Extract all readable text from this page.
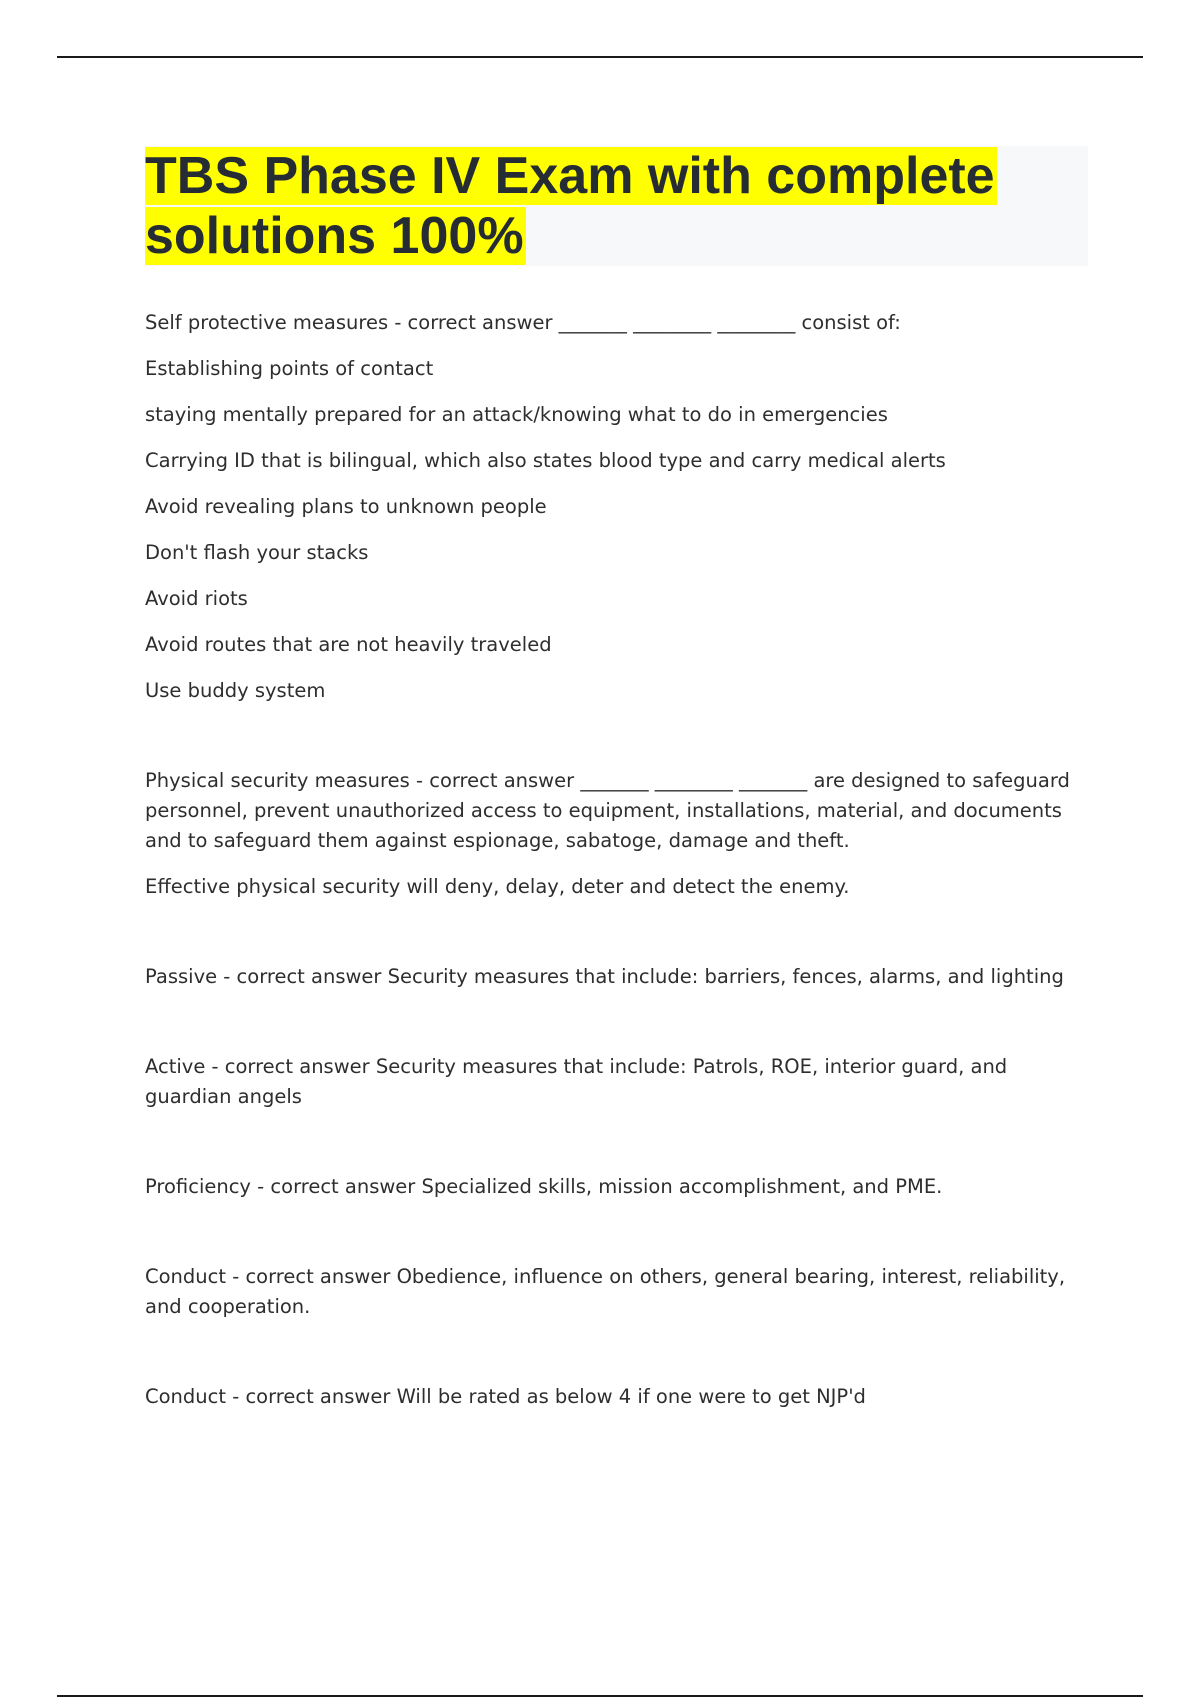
TBS Phase IV Exam with complete solutions 100%

Self protective measures - correct answer _______ ________ ________ consist of:

Establishing points of contact

staying mentally prepared for an attack/knowing what to do in emergencies

Carrying ID that is bilingual, which also states blood type and carry medical alerts

Avoid revealing plans to unknown people

Don't flash your stacks

Avoid riots

Avoid routes that are not heavily traveled

Use buddy system

Physical security measures - correct answer _______ ________ _______ are designed to safeguard personnel, prevent unauthorized access to equipment, installations, material, and documents and to safeguard them against espionage, sabatoge, damage and theft.

Effective physical security will deny, delay, deter and detect the enemy.

Passive - correct answer Security measures that include: barriers, fences, alarms, and lighting

Active - correct answer Security measures that include: Patrols, ROE, interior guard, and guardian angels

Proficiency - correct answer Specialized skills, mission accomplishment, and PME.

Conduct - correct answer Obedience, influence on others, general bearing, interest, reliability, and cooperation.

Conduct - correct answer Will be rated as below 4 if one were to get NJP'd
